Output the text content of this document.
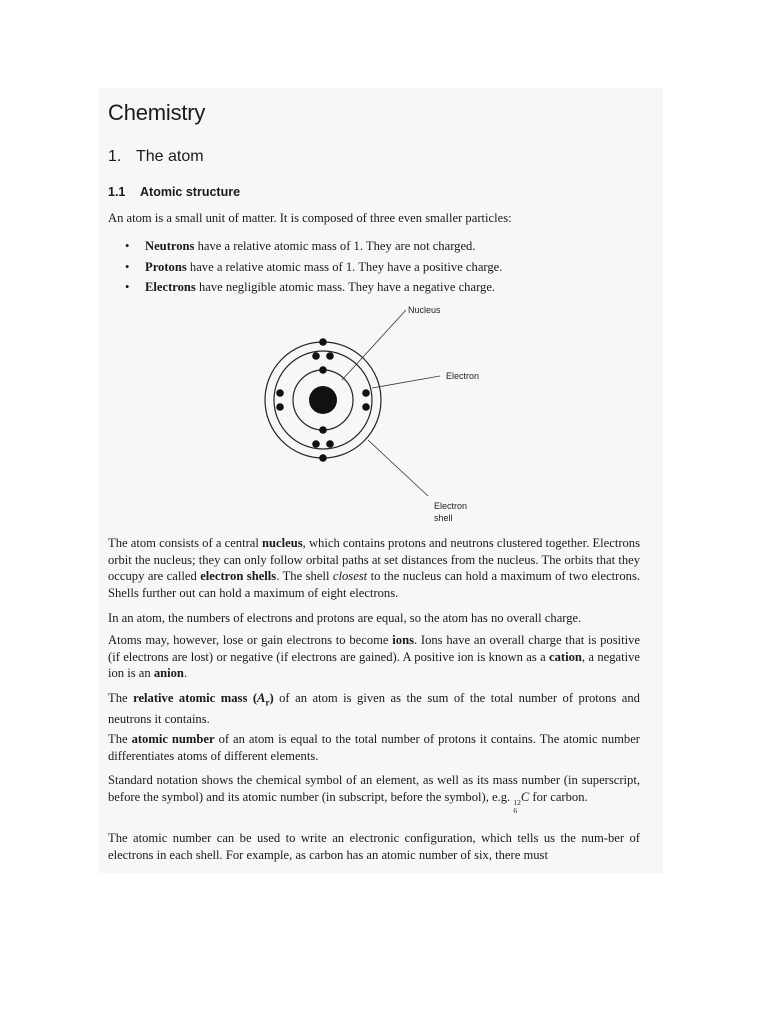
Chemistry
1. The atom
1.1 Atomic structure
An atom is a small unit of matter. It is composed of three even smaller particles:
• Neutrons have a relative atomic mass of 1. They are not charged.
• Protons have a relative atomic mass of 1. They have a positive charge.
• Electrons have negligible atomic mass. They have a negative charge.
Nucleus
Electron
Electron
shell
The atom consists of a central nucleus, which contains protons and neutrons clustered together. Electrons orbit the nucleus; they can only follow orbital paths at set distances from the nucleus. The orbits that they occupy are called electron shells. The shell closest to the nucleus can hold a maximum of two electrons. Shells further out can hold a maximum of eight electrons.
In an atom, the numbers of electrons and protons are equal, so the atom has no overall charge.
Atoms may, however, lose or gain electrons to become ions. Ions have an overall charge that is positive (if electrons are lost) or negative (if electrons are gained). A positive ion is known as a cation, a negative ion is an anion.
The relative atomic mass $(A_r)$ of an atom is given as the sum of the total number of protons and neutrons it contains.
The atomic number of an atom is equal to the total number of protons it contains. The atomic number differentiates atoms of different elements.
Standard notation shows the chemical symbol of an element, as well as its mass number (in superscript, before the symbol) and its atomic number (in subscript, before the symbol), e.g. 12
6
C for carbon.
The atomic number can be used to write an electronic configuration, which tells us the num-ber of electrons in each shell. For example, as carbon has an atomic number of six, there must
